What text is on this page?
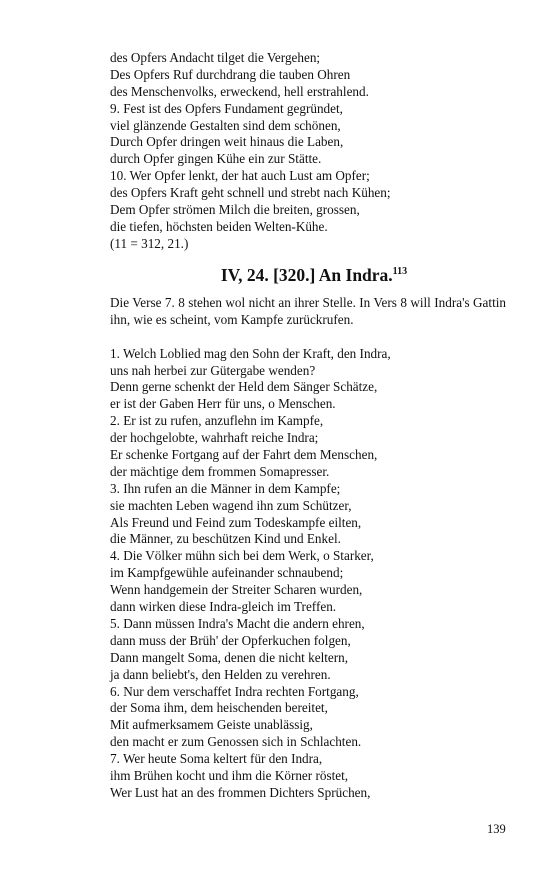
des Opfers Andacht tilget die Vergehen;
Des Opfers Ruf durchdrang die tauben Ohren
des Menschenvolks, erweckend, hell erstrahlend.
9. Fest ist des Opfers Fundament gegründet,
viel glänzende Gestalten sind dem schönen,
Durch Opfer dringen weit hinaus die Laben,
durch Opfer gingen Kühe ein zur Stätte.
10. Wer Opfer lenkt, der hat auch Lust am Opfer;
des Opfers Kraft geht schnell und strebt nach Kühen;
Dem Opfer strömen Milch die breiten, grossen,
die tiefen, höchsten beiden Welten-Kühe.
(11 = 312, 21.)
IV, 24. [320.] An Indra.$^{113}$
Die Verse 7. 8 stehen wol nicht an ihrer Stelle. In Vers 8 will Indra's Gattin ihn, wie es scheint, vom Kampfe zurückrufen.
1. Welch Loblied mag den Sohn der Kraft, den Indra,
uns nah herbei zur Gütergabe wenden?
Denn gerne schenkt der Held dem Sänger Schätze,
er ist der Gaben Herr für uns, o Menschen.
2. Er ist zu rufen, anzuflehn im Kampfe,
der hochgelobte, wahrhaft reiche Indra;
Er schenke Fortgang auf der Fahrt dem Menschen,
der mächtige dem frommen Somapresser.
3. Ihn rufen an die Männer in dem Kampfe;
sie machten Leben wagend ihn zum Schützer,
Als Freund und Feind zum Todeskampfe eilten,
die Männer, zu beschützen Kind und Enkel.
4. Die Völker mühn sich bei dem Werk, o Starker,
im Kampfgewühle aufeinander schnaubend;
Wenn handgemein der Streiter Scharen wurden,
dann wirken diese Indra-gleich im Treffen.
5. Dann müssen Indra's Macht die andern ehren,
dann muss der Brüh' der Opferkuchen folgen,
Dann mangelt Soma, denen die nicht keltern,
ja dann beliebt's, den Helden zu verehren.
6. Nur dem verschaffet Indra rechten Fortgang,
der Soma ihm, dem heischenden bereitet,
Mit aufmerksamem Geiste unablässig,
den macht er zum Genossen sich in Schlachten.
7. Wer heute Soma keltert für den Indra,
ihm Brühen kocht und ihm die Körner röstet,
Wer Lust hat an des frommen Dichters Sprüchen,
139
